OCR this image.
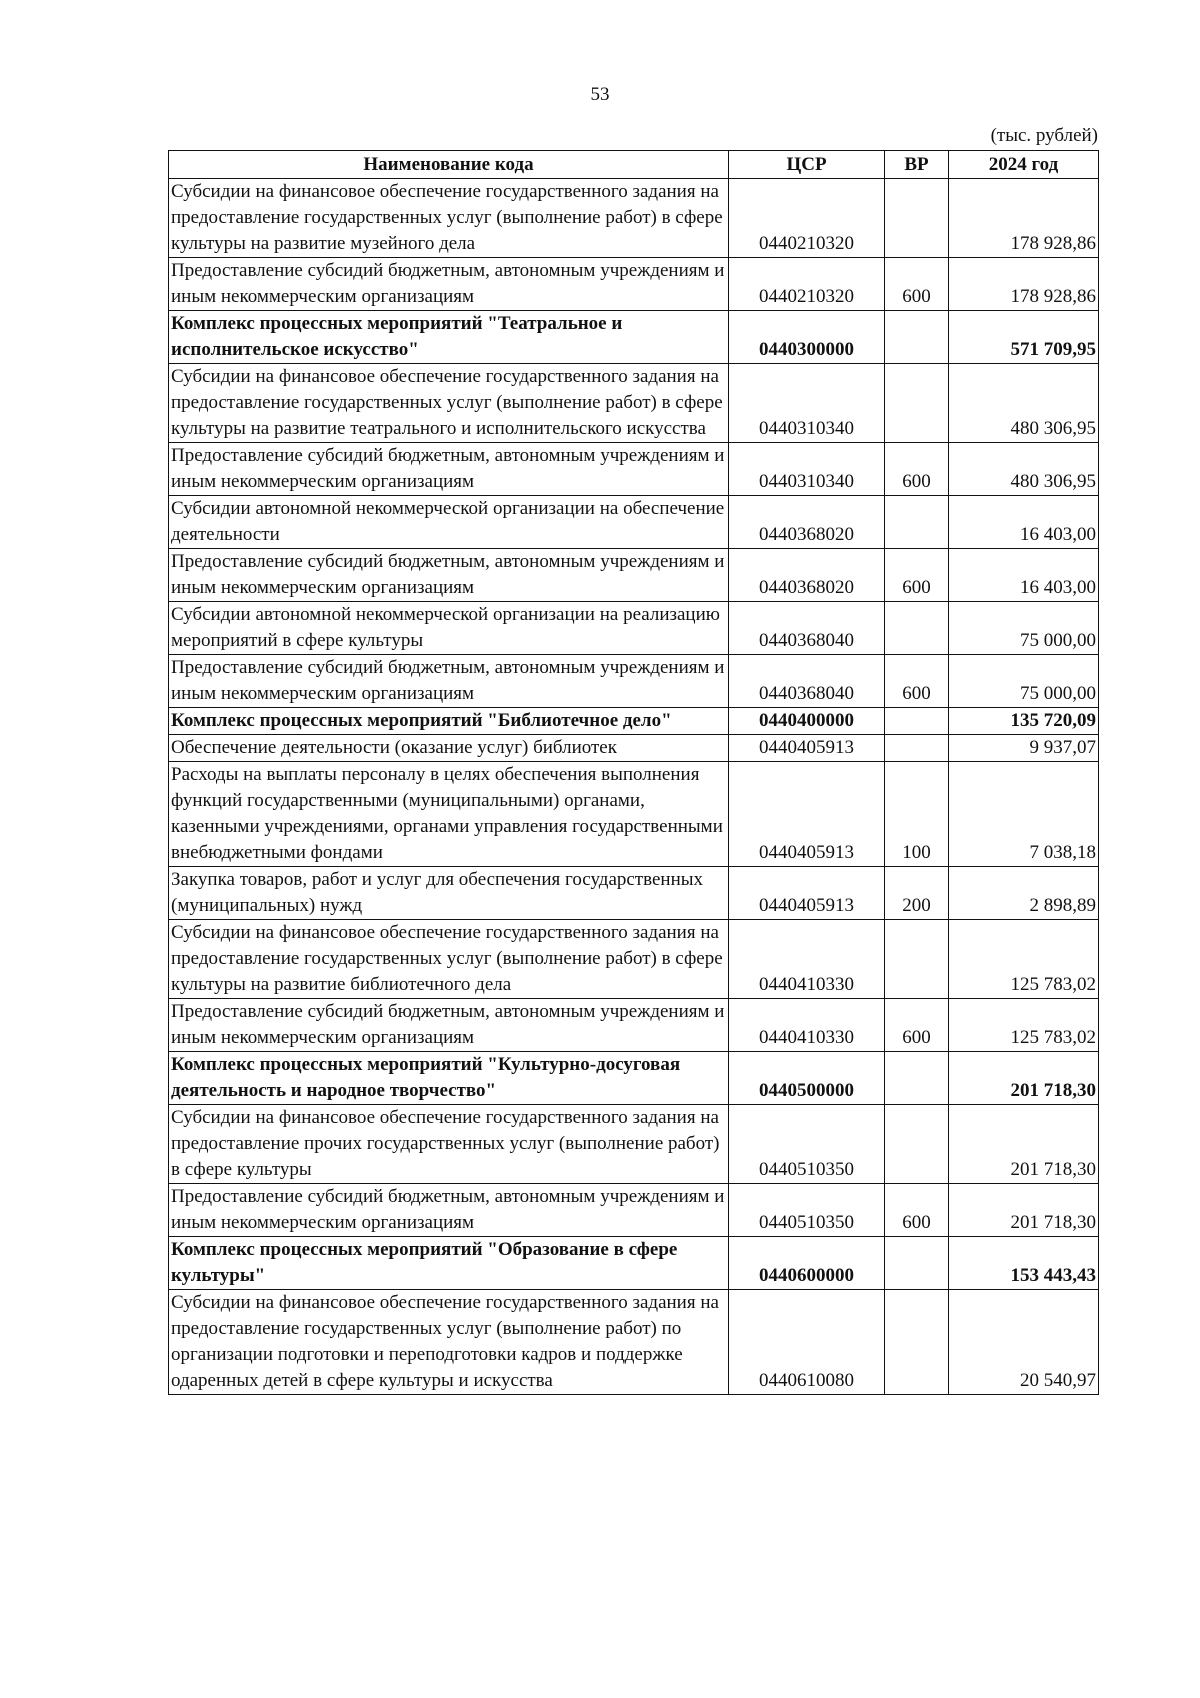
53
(тыс. рублей)
Наименование кода	ЦСР	ВР	2024 год
Субсидии на финансовое обеспечение государственного задания на предоставление государственных услуг (выполнение работ) в сфере культуры на развитие музейного дела	0440210320		178 928,86
Предоставление субсидий бюджетным, автономным учреждениям и иным некоммерческим организациям	0440210320	600	178 928,86
Комплекс процессных мероприятий "Театральное и исполнительское искусство"	0440300000		571 709,95
Субсидии на финансовое обеспечение государственного задания на предоставление государственных услуг (выполнение работ) в сфере культуры на развитие театрального и исполнительского искусства	0440310340		480 306,95
Предоставление субсидий бюджетным, автономным учреждениям и иным некоммерческим организациям	0440310340	600	480 306,95
Субсидии автономной некоммерческой организации на обеспечение деятельности	0440368020		16 403,00
Предоставление субсидий бюджетным, автономным учреждениям и иным некоммерческим организациям	0440368020	600	16 403,00
Субсидии автономной некоммерческой организации на реализацию мероприятий в сфере культуры	0440368040		75 000,00
Предоставление субсидий бюджетным, автономным учреждениям и иным некоммерческим организациям	0440368040	600	75 000,00
Комплекс процессных мероприятий "Библиотечное дело"	0440400000		135 720,09
Обеспечение деятельности (оказание услуг) библиотек	0440405913		9 937,07
Расходы на выплаты персоналу в целях обеспечения выполнения функций государственными (муниципальными) органами, казенными учреждениями, органами управления государственными внебюджетными фондами	0440405913	100	7 038,18
Закупка товаров, работ и услуг для обеспечения государственных (муниципальных) нужд	0440405913	200	2 898,89
Субсидии на финансовое обеспечение государственного задания на предоставление государственных услуг (выполнение работ) в сфере культуры на развитие библиотечного дела	0440410330		125 783,02
Предоставление субсидий бюджетным, автономным учреждениям и иным некоммерческим организациям	0440410330	600	125 783,02
Комплекс процессных мероприятий "Культурно-досуговая деятельность и народное творчество"	0440500000		201 718,30
Субсидии на финансовое обеспечение государственного задания на предоставление прочих государственных услуг (выполнение работ) в сфере культуры	0440510350		201 718,30
Предоставление субсидий бюджетным, автономным учреждениям и иным некоммерческим организациям	0440510350	600	201 718,30
Комплекс процессных мероприятий "Образование в сфере культуры"	0440600000		153 443,43
Субсидии на финансовое обеспечение государственного задания на предоставление государственных услуг (выполнение работ) по организации подготовки и переподготовки кадров и поддержке одаренных детей в сфере культуры и искусства	0440610080		20 540,97
